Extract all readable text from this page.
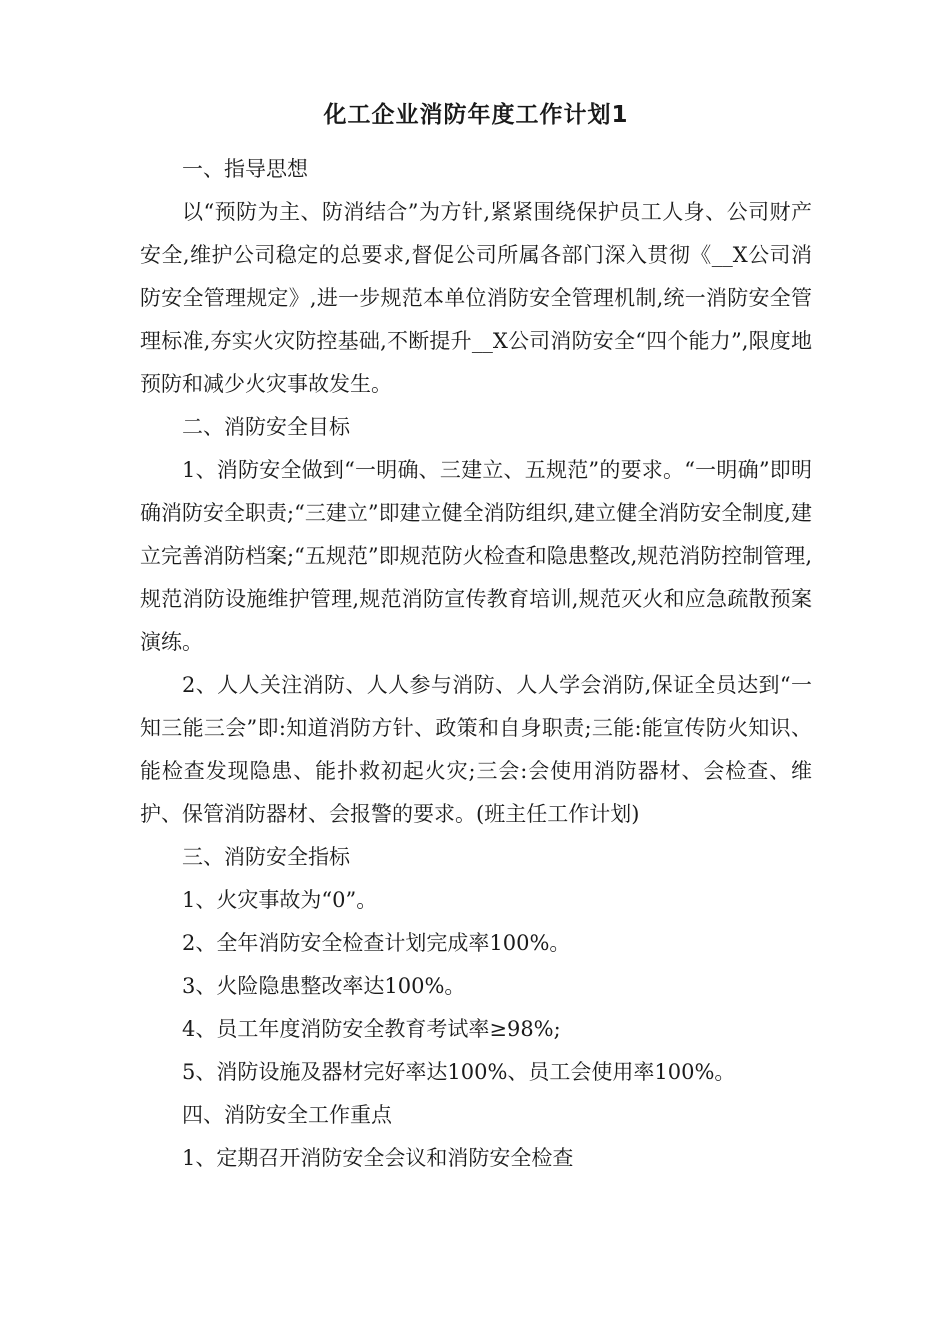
化工企业消防年度工作计划1

一、指导思想

以“预防为主、防消结合”为方针,紧紧围绕保护员工人身、公司财产安全,维护公司稳定的总要求,督促公司所属各部门深入贯彻《__X公司消防安全管理规定》,进一步规范本单位消防安全管理机制,统一消防安全管理标准,夯实火灾防控基础,不断提升__X公司消防安全“四个能力”,限度地预防和减少火灾事故发生。

二、消防安全目标

1、消防安全做到“一明确、三建立、五规范”的要求。“一明确”即明确消防安全职责;“三建立”即建立健全消防组织,建立健全消防安全制度,建立完善消防档案;“五规范”即规范防火检查和隐患整改,规范消防控制管理,规范消防设施维护管理,规范消防宣传教育培训,规范灭火和应急疏散预案演练。

2、人人关注消防、人人参与消防、人人学会消防,保证全员达到“一知三能三会”即:知道消防方针、政策和自身职责;三能:能宣传防火知识、能检查发现隐患、能扑救初起火灾;三会:会使用消防器材、会检查、维护、保管消防器材、会报警的要求。(班主任工作计划)

三、消防安全指标

1、火灾事故为“0”。

2、全年消防安全检查计划完成率100%。

3、火险隐患整改率达100%。

4、员工年度消防安全教育考试率≥98%;

5、消防设施及器材完好率达100%、员工会使用率100%。

四、消防安全工作重点

1、定期召开消防安全会议和消防安全检查
